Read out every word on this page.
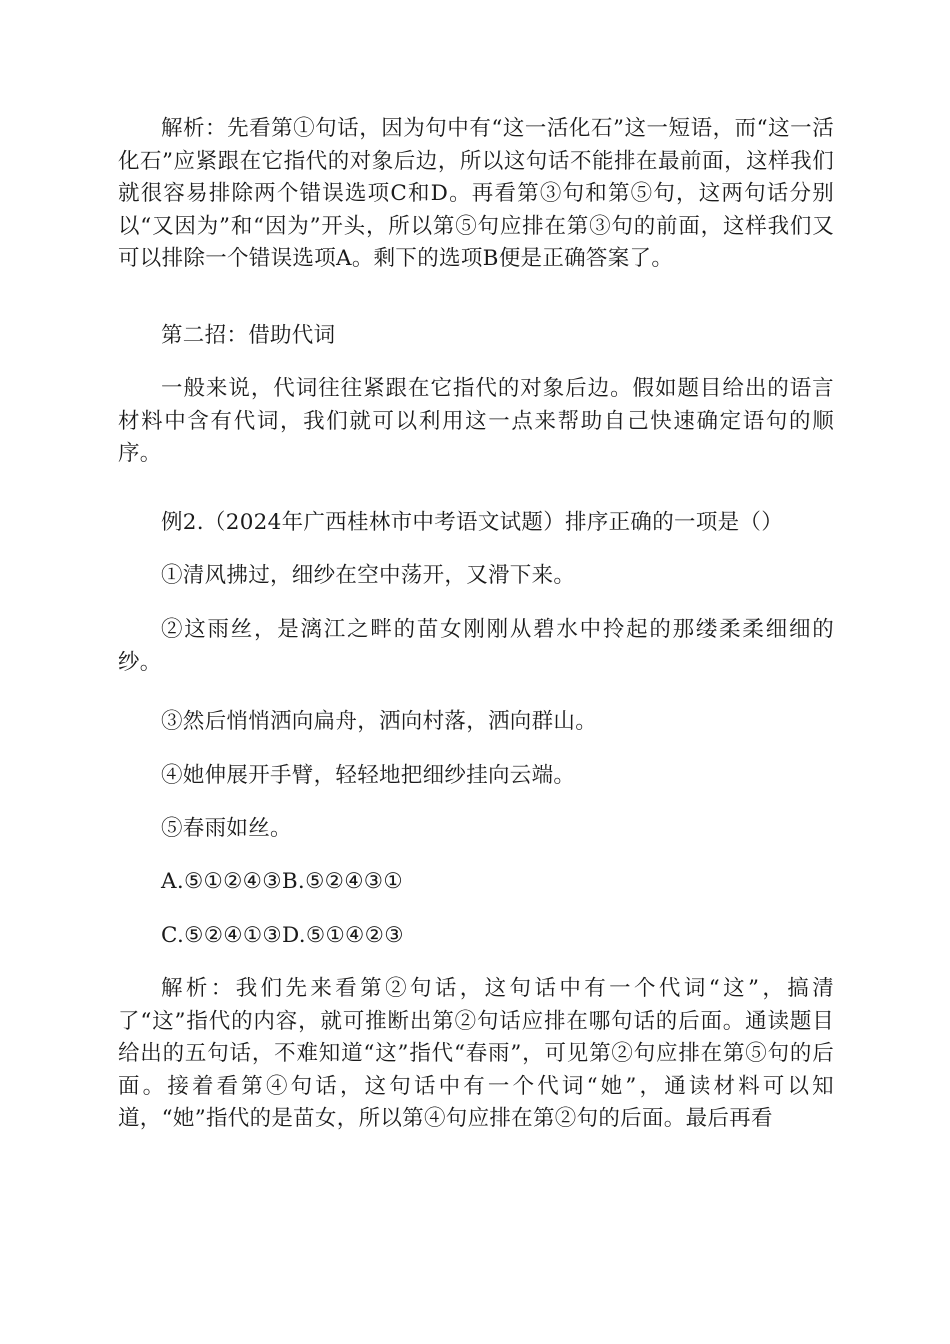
解析：先看第①句话，因为句中有“这一活化石”这一短语，而“这一活化石”应紧跟在它指代的对象后边，所以这句话不能排在最前面，这样我们就很容易排除两个错误选项C和D。再看第③句和第⑤句，这两句话分别以“又因为”和“因为”开头，所以第⑤句应排在第③句的前面，这样我们又可以排除一个错误选项A。剩下的选项B便是正确答案了。

第二招：借助代词

一般来说，代词往往紧跟在它指代的对象后边。假如题目给出的语言材料中含有代词，我们就可以利用这一点来帮助自己快速确定语句的顺序。

例2.（2024年广西桂林市中考语文试题）排序正确的一项是（）

①清风拂过，细纱在空中荡开，又滑下来。

②这雨丝，是漓江之畔的苗女刚刚从碧水中拎起的那缕柔柔细细的纱。

③然后悄悄洒向扁舟，洒向村落，洒向群山。

④她伸展开手臂，轻轻地把细纱挂向云端。

⑤春雨如丝。

A.⑤①②④③B.⑤②④③①

C.⑤②④①③D.⑤①④②③

解析：我们先来看第②句话，这句话中有一个代词“这”，搞清了“这”指代的内容，就可推断出第②句话应排在哪句话的后面。通读题目给出的五句话，不难知道“这”指代“春雨”，可见第②句应排在第⑤句的后面。接着看第④句话，这句话中有一个代词“她”，通读材料可以知道，“她”指代的是苗女，所以第④句应排在第②句的后面。最后再看
